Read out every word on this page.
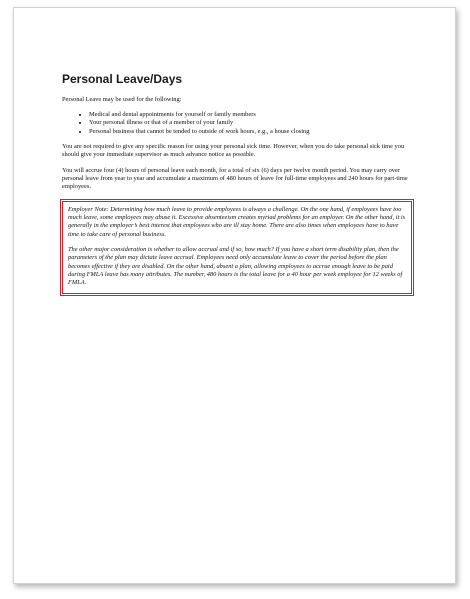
Personal Leave/Days

Personal Leave may be used for the following:

• Medical and dental appointments for yourself or family members
• Your personal illness or that of a member of your family
• Personal business that cannot be tended to outside of work hours, e.g., a house closing

You are not required to give any specific reason for using your personal sick time. However, when you do take personal sick time you should give your immediate supervisor as much advance notice as possible.

You will accrue four (4) hours of personal leave each month, for a total of six (6) days per twelve month period. You may carry over personal leave from year to year and accumulate a maximum of 480 hours of leave for full-time employees and 240 hours for part-time employees.

Employer Note: Determining how much leave to provide employees is always a challenge. On the one hand, if employees have too much leave, some employees may abuse it. Excessive absenteeism creates myriad problems for an employer. On the other hand, it is generally in the employer’s best interest that employees who are ill stay home. There are also times when employees have to have time to take care of personal business.

The other major consideration is whether to allow accrual and if so, how much? If you have a short term disability plan, then the parameters of the plan may dictate leave accrual. Employees need only accumulate leave to cover the period before the plan becomes effective if they are disabled. On the other hand, absent a plan, allowing employees to accrue enough leave to be paid during FMLA leave has many attributes. The number, 480 hours is the total leave for a 40 hour per week employee for 12 weeks of FMLA.
